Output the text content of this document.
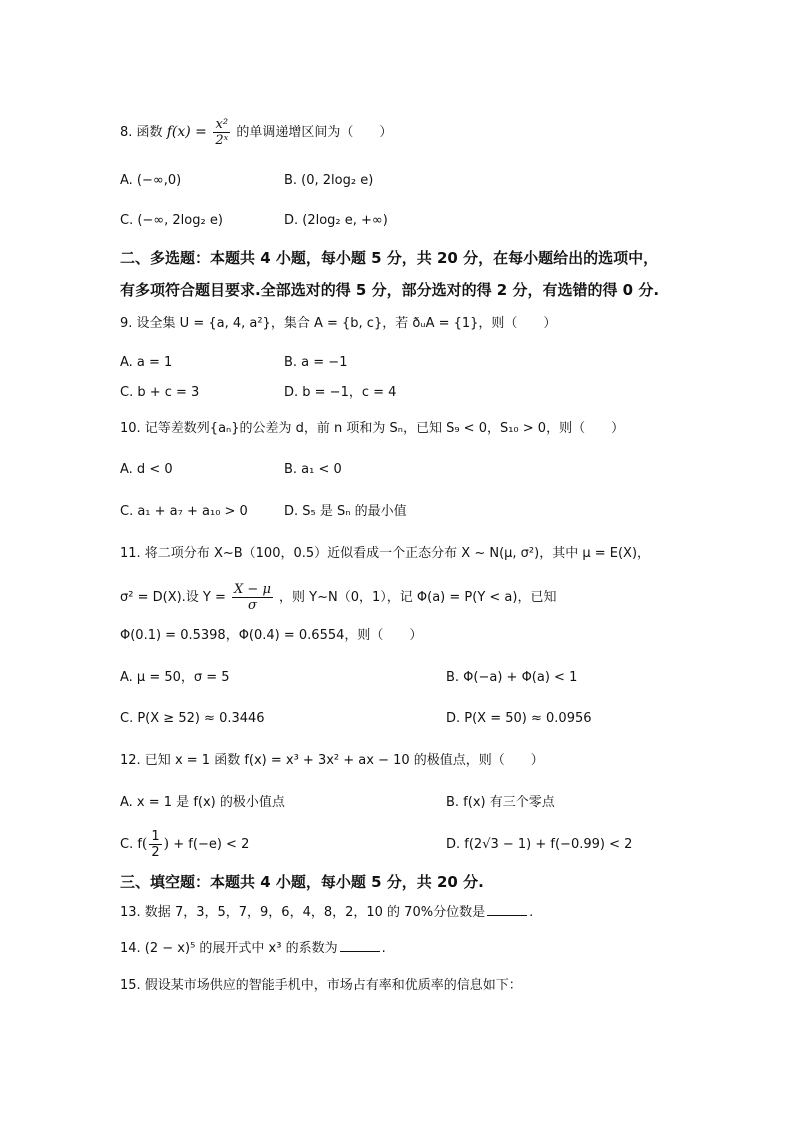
8. 函数 $f(x) = \frac{\text{x²}}{\text{2ˣ}}$ 的单调递增区间为（　　）
A. (−∞,0)	B. (0, 2log₂ e)
C. (−∞, 2log₂ e)	D. (2log₂ e, +∞)
二、多选题：本题共 4 小题，每小题 5 分，共 20 分，在每小题给出的选项中，
有多项符合题目要求.全部选对的得 5 分，部分选对的得 2 分，有选错的得 0 分.
9. 设全集 U = {a, 4, a²}，集合 A = {b, c}，若 ðᵤA = {1}，则（　　）
A. a = 1	B. a = −1
C. b + c = 3	D. b = −1，c = 4
10. 记等差数列{aₙ}的公差为 d，前 n 项和为 Sₙ，已知 S₉ < 0，S₁₀ > 0，则（　　）
A. d < 0	B. a₁ < 0
C. a₁ + a₇ + a₁₀ > 0	D. S₅ 是 Sₙ 的最小值
11. 将二项分布 X~B（100，0.5）近似看成一个正态分布 X ~ N(μ, σ²)，其中 μ = E(X)，
σ² = D(X).设 $Y = \frac{X - \mu}{\sigma}$ ，则 Y~N（0，1），记 Φ(a) = P(Y < a)，已知
Φ(0.1) = 0.5398，Φ(0.4) = 0.6554，则（　　）
A. μ = 50，σ = 5	B. Φ(−a) + Φ(a) < 1
C. P(X ≥ 52) ≈ 0.3446	D. P(X = 50) ≈ 0.0956
12. 已知 x = 1 函数 f(x) = x³ + 3x² + ax − 10 的极值点，则（　　）
A. x = 1 是 f(x) 的极小值点	B. f(x) 有三个零点
C. $f( \frac{1}{2}$ ) + f(−e) < 2	D. f(2√3 − 1) + f(−0.99) < 2
三、填空题：本题共 4 小题，每小题 5 分，共 20 分.
13. 数据 7，3，5，7，9，6，4，8，2，10 的 70%分位数是	.
14. (2 − x)⁵ 的展开式中 x³ 的系数为	.
15. 假设某市场供应的智能手机中，市场占有率和优质率的信息如下：
